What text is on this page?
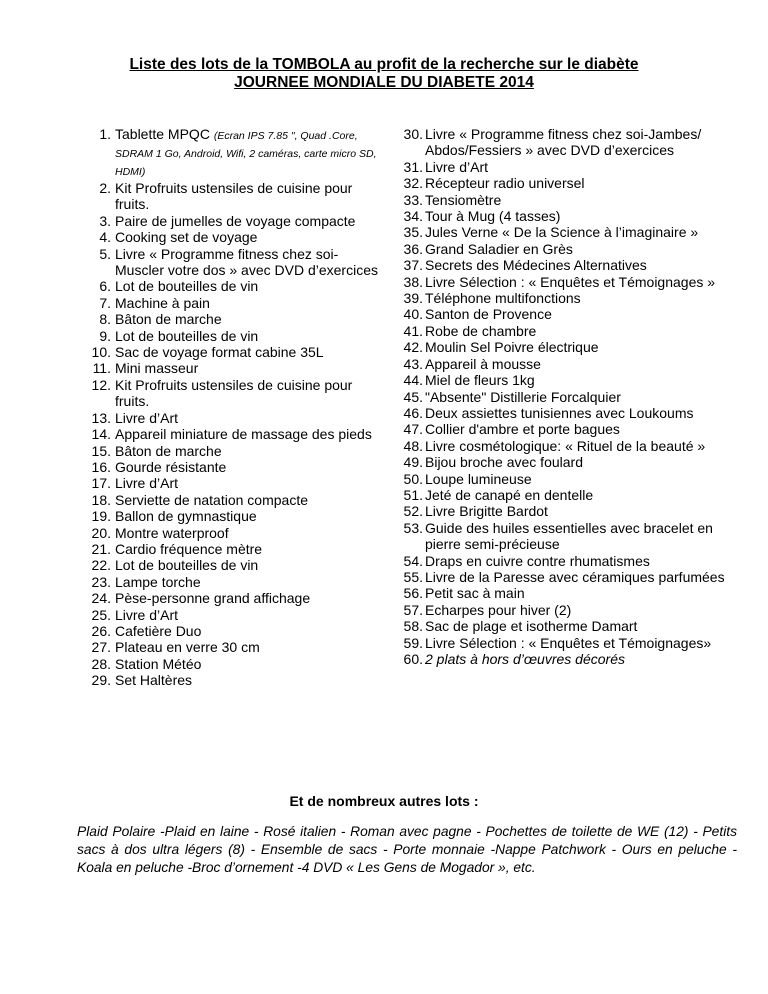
Liste des lots de la TOMBOLA au profit de la recherche sur le diabète
JOURNEE MONDIALE DU DIABETE 2014
1 . Tablette MPQC (Ecran IPS 7.85 ", Quad .Core, SDRAM 1 Go, Android, Wifi, 2 caméras, carte micro SD, HDMI)
2 . Kit Profruits ustensiles de cuisine pour fruits.
3 . Paire de jumelles de voyage compacte
4 . Cooking set de voyage
5 . Livre « Programme fitness chez soi- Muscler votre dos » avec DVD d’exercices
6 . Lot de bouteilles de vin
7 . Machine à pain
8 . Bâton de marche
9 . Lot de bouteilles de vin
10 . Sac de voyage format cabine 35L
11 . Mini masseur
12 . Kit Profruits ustensiles de cuisine pour fruits.
13 . Livre d’Art
14 . Appareil miniature de massage des pieds
15 . Bâton de marche
16 . Gourde résistante
17 . Livre d’Art
18 . Serviette de natation compacte
19 . Ballon de gymnastique
20 . Montre waterproof
21 . Cardio fréquence mètre
22 . Lot de bouteilles de vin
23 . Lampe torche
24 . Pèse-personne grand affichage
25 . Livre d’Art
26 . Cafetière Duo
27 . Plateau en verre 30 cm
28 . Station Météo
29 . Set Haltères
30 . Livre « Programme fitness chez soi-Jambes/ Abdos/Fessiers » avec DVD d’exercices
31 . Livre d’Art
32 . Récepteur radio universel
33 . Tensiomètre
34 . Tour à Mug (4 tasses)
35 . Jules Verne « De la Science à l’imaginaire »
36 . Grand Saladier en Grès
37 . Secrets des Médecines Alternatives
38 . Livre Sélection : « Enquêtes et Témoignages »
39 . Téléphone multifonctions
40 . Santon de Provence
41 . Robe de chambre
42 . Moulin Sel Poivre électrique
43 . Appareil à mousse
44 . Miel de fleurs 1kg
45 . "Absente" Distillerie Forcalquier
46 . Deux assiettes tunisiennes avec Loukoums
47 . Collier d'ambre et porte bagues
48 . Livre cosmétologique: « Rituel de la beauté »
49 . Bijou broche avec foulard
50 . Loupe lumineuse
51 . Jeté de canapé en dentelle
52 . Livre Brigitte Bardot
53 . Guide des huiles essentielles avec bracelet en pierre semi-précieuse
54 . Draps en cuivre contre rhumatismes
55 . Livre de la Paresse avec céramiques parfumées
56 . Petit sac à main
57 . Echarpes pour hiver (2)
58 . Sac de plage et isotherme Damart
59 . Livre Sélection : « Enquêtes et Témoignages»
60 . 2 plats à hors d’œuvres décorés
Et de nombreux autres lots :
Plaid Polaire -Plaid en laine - Rosé italien - Roman avec pagne - Pochettes de toilette de WE (12) - Petits sacs à dos ultra légers (8) - Ensemble de sacs - Porte monnaie -Nappe Patchwork - Ours en peluche - Koala en peluche -Broc d’ornement -4 DVD « Les Gens de Mogador », etc.
